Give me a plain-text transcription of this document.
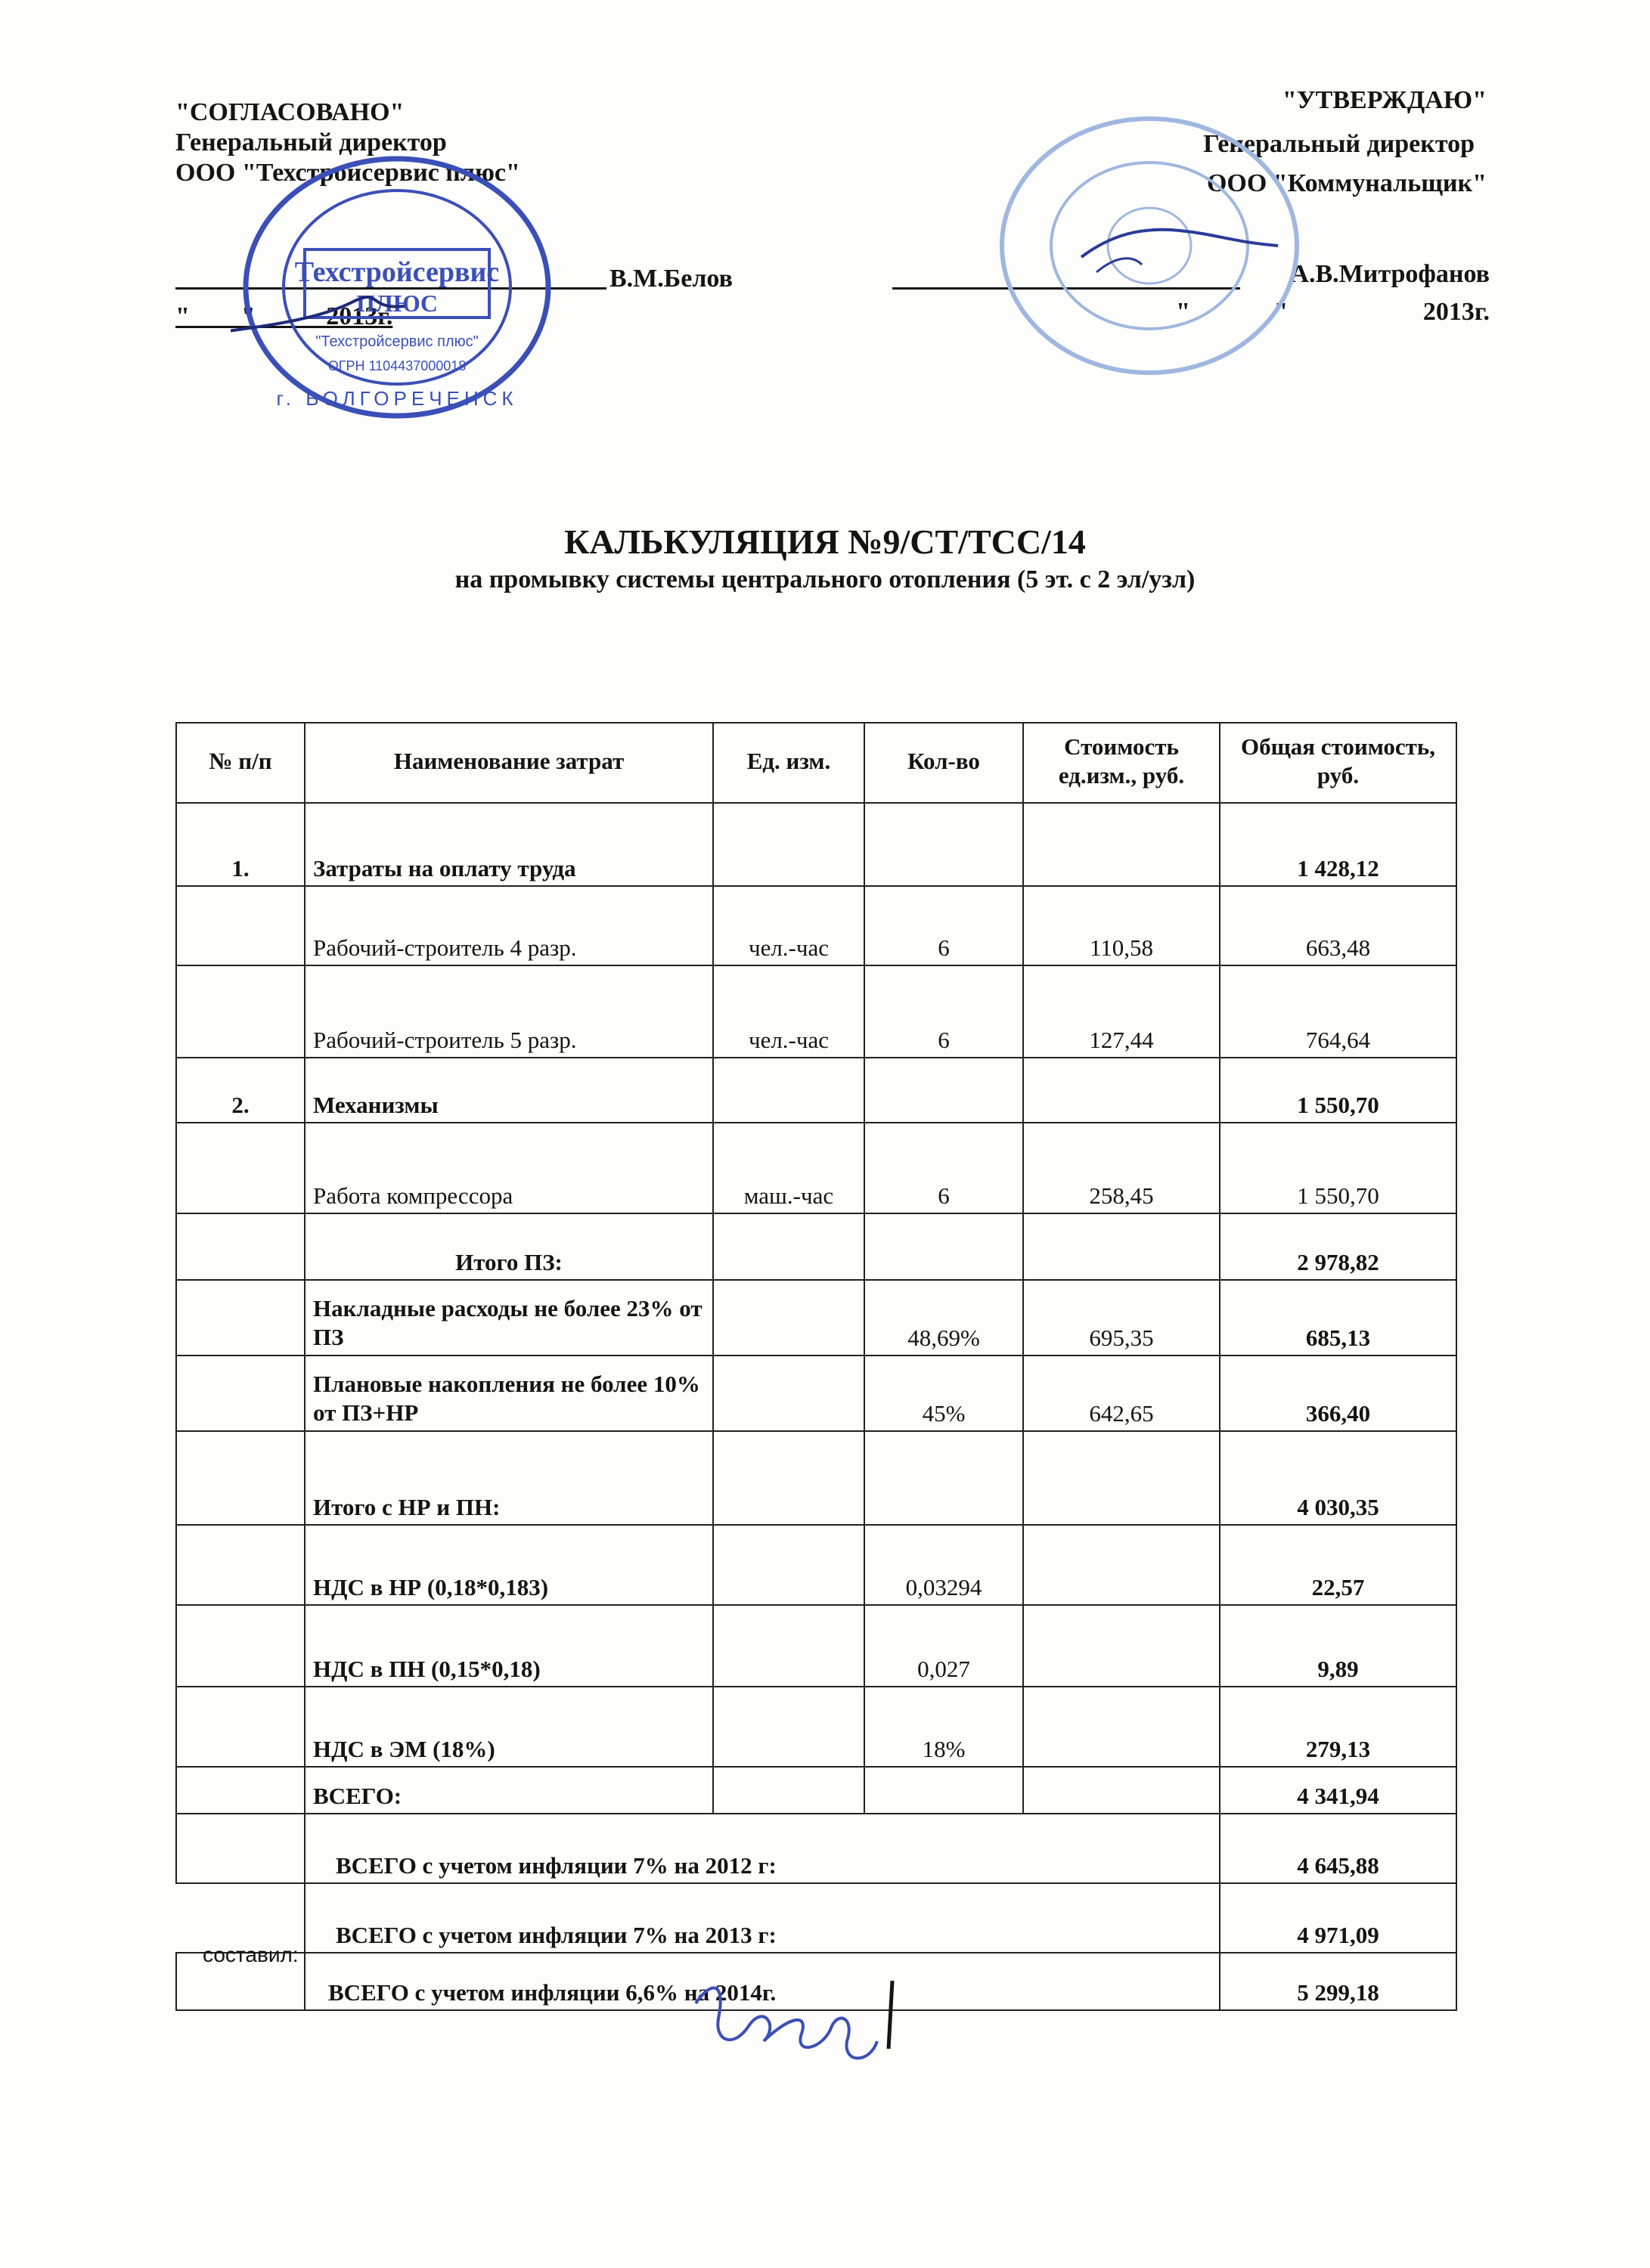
"СОГЛАСОВАНО"
Генеральный директор
ООО "Техстройсервис плюс"
В.М.Белов
"        "           2013г.
"УТВЕРЖДАЮ"
Генеральный директор
ООО "Коммунальщик"
А.В.Митрофанов
"             "                     2013г.
Техстройсервис
ПЛЮС
"Техстройсервис плюс"
ОГРН 1104437000018
г. ВОЛГОРЕЧЕНСК
КАЛЬКУЛЯЦИЯ №9/СТ/ТСС/14
на промывку системы центрального отопления (5 эт. с 2 эл/узл)
№ п/п	Наименование затрат	Ед. изм.	Кол-во	Стоимость ед.изм., руб.	Общая стоимость, руб.
1.	Затраты на оплату труда				1 428,12
	Рабочий-строитель 4 разр.	чел.-час	6	110,58	663,48
	Рабочий-строитель 5 разр.	чел.-час	6	127,44	764,64
2.	Механизмы				1 550,70
	Работа компрессора	маш.-час	6	258,45	1 550,70
	Итого ПЗ:				2 978,82
	Накладные расходы не более 23% от ПЗ		48,69%	695,35	685,13
	Плановые накопления не более 10% от ПЗ+НР		45%	642,65	366,40
	Итого с НР и ПН:				4 030,35
	НДС в НР (0,18*0,183)		0,03294		22,57
	НДС в ПН (0,15*0,18)		0,027		9,89
	НДС в ЭМ (18%)		18%		279,13
	ВСЕГО:				4 341,94
	ВСЕГО с учетом инфляции 7% на 2012 г:				4 645,88
	ВСЕГО с учетом инфляции 7% на 2013 г:				4 971,09
	ВСЕГО с учетом инфляции 6,6% на 2014г.				5 299,18
составил:
